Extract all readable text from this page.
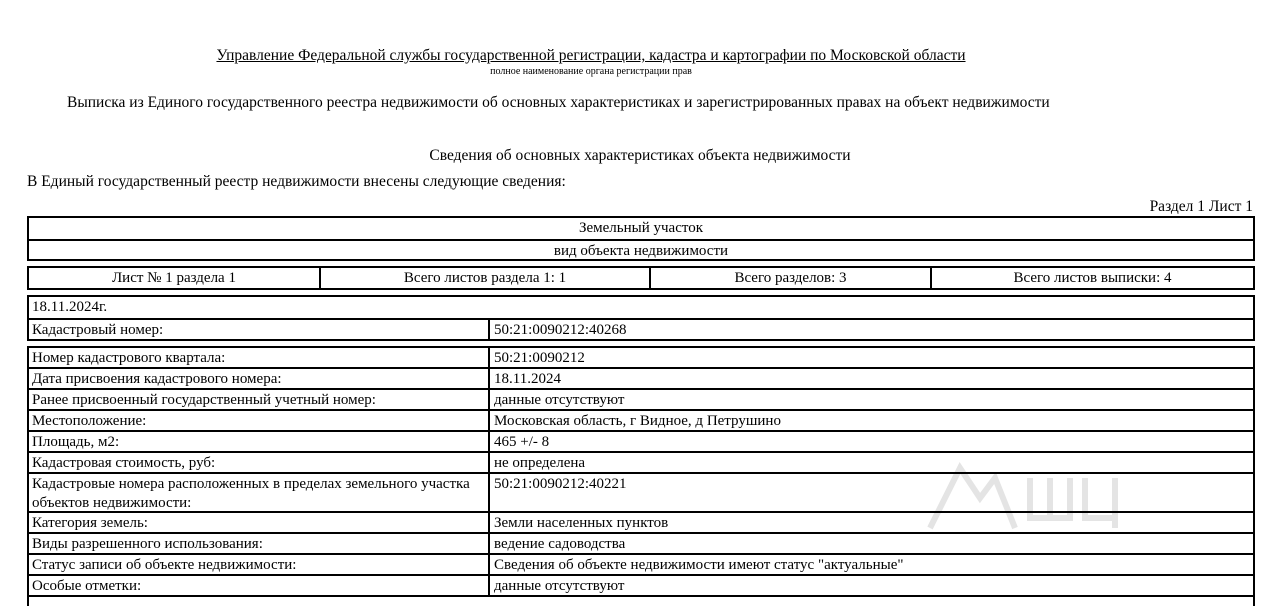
Управление Федеральной службы государственной регистрации, кадастра и картографии по Московской области
полное наименование органа регистрации прав
Выписка из Единого государственного реестра недвижимости об основных характеристиках и зарегистрированных правах на объект недвижимости
Сведения об основных характеристиках объекта недвижимости
В Единый государственный реестр недвижимости внесены следующие сведения:
Раздел 1 Лист 1
Земельный участок
вид объекта недвижимости
Лист № 1 раздела 1	Всего листов раздела 1: 1	Всего разделов: 3	Всего листов выписки: 4
18.11.2024г.
Кадастровый номер:	50:21:0090212:40268
Номер кадастрового квартала:	50:21:0090212
Дата присвоения кадастрового номера:	18.11.2024
Ранее присвоенный государственный учетный номер:	данные отсутствуют
Местоположение:	Московская область, г Видное, д Петрушино
Площадь, м2:	465 +/- 8
Кадастровая стоимость, руб:	не определена
Кадастровые номера расположенных в пределах земельного участка объектов недвижимости:
50:21:0090212:40221
Категория земель:	Земли населенных пунктов
Виды разрешенного использования:	ведение садоводства
Статус записи об объекте недвижимости:	Сведения об объекте недвижимости имеют статус "актуальные"
Особые отметки:	данные отсутствуют
